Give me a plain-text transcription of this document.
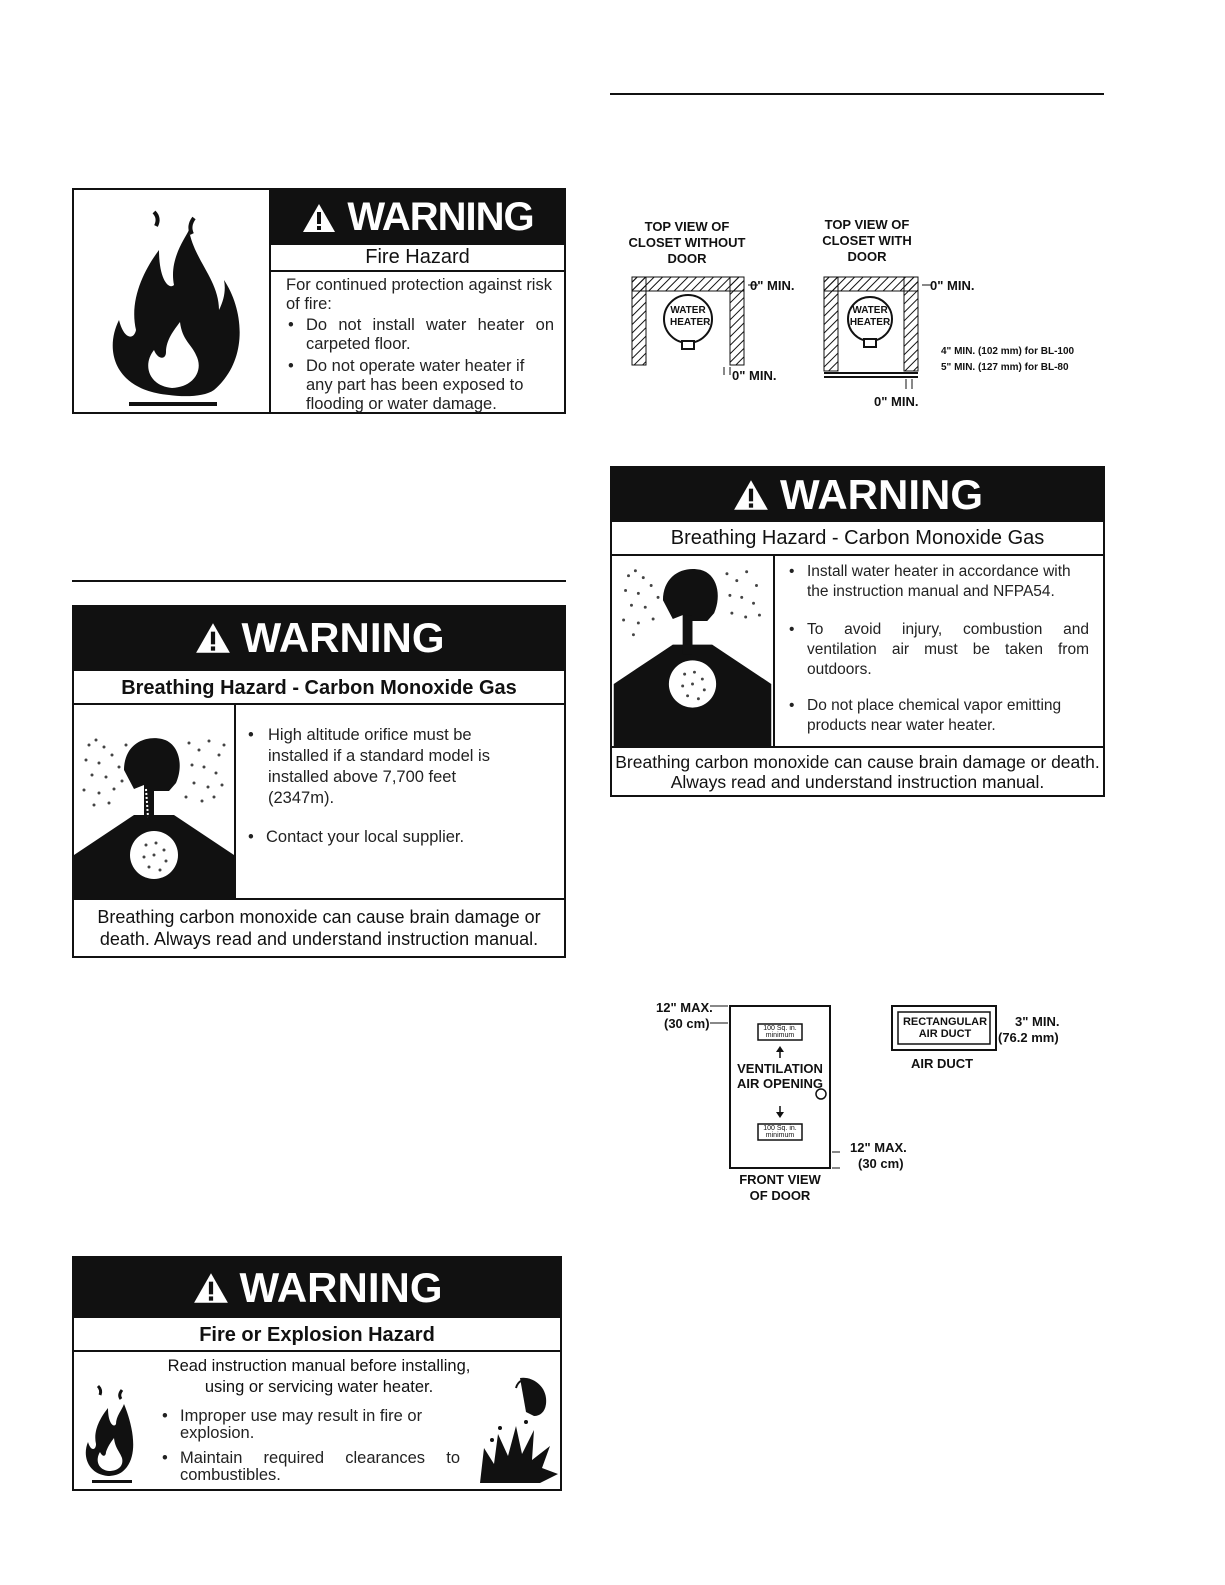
WARNING
Fire Hazard
For continued protection against risk of fire:
• Do not install water heater on carpeted floor.
• Do not operate water heater if any part has been exposed to flooding or water damage.
WARNING
Breathing Hazard - Carbon Monoxide Gas
• High altitude orifice must be installed if a standard model is installed above 7,700 feet (2347m).
• Contact your local supplier.
Breathing carbon monoxide can cause brain damage or death. Always read and understand instruction manual.
WARNING
Fire or Explosion Hazard
Read instruction manual before installing, using or servicing water heater.
• Improper use may result in fire or explosion.
• Maintain required clearances to combustibles.
TOP VIEW OF CLOSET WITHOUT DOOR
TOP VIEW OF CLOSET WITH DOOR
WATER HEATER
0" MIN.
0" MIN.
WATER HEATER
0" MIN.
4" MIN. (102 mm) for BL-100
5" MIN. (127 mm) for BL-80
0" MIN.
WARNING
Breathing Hazard - Carbon Monoxide Gas
• Install water heater in accordance with the instruction manual and NFPA54.
• To avoid injury, combustion and ventilation air must be taken from outdoors.
• Do not place chemical vapor emitting products near water heater.
Breathing carbon monoxide can cause brain damage or death. Always read and understand instruction manual.
12" MAX.
(30 cm)	100 Sq. in. minimum
VENTILATION AIR OPENING
100 Sq. in. minimum
12" MAX.
(30 cm)
FRONT VIEW OF DOOR
RECTANGULAR AIR DUCT
3" MIN.
(76.2 mm)
AIR DUCT
